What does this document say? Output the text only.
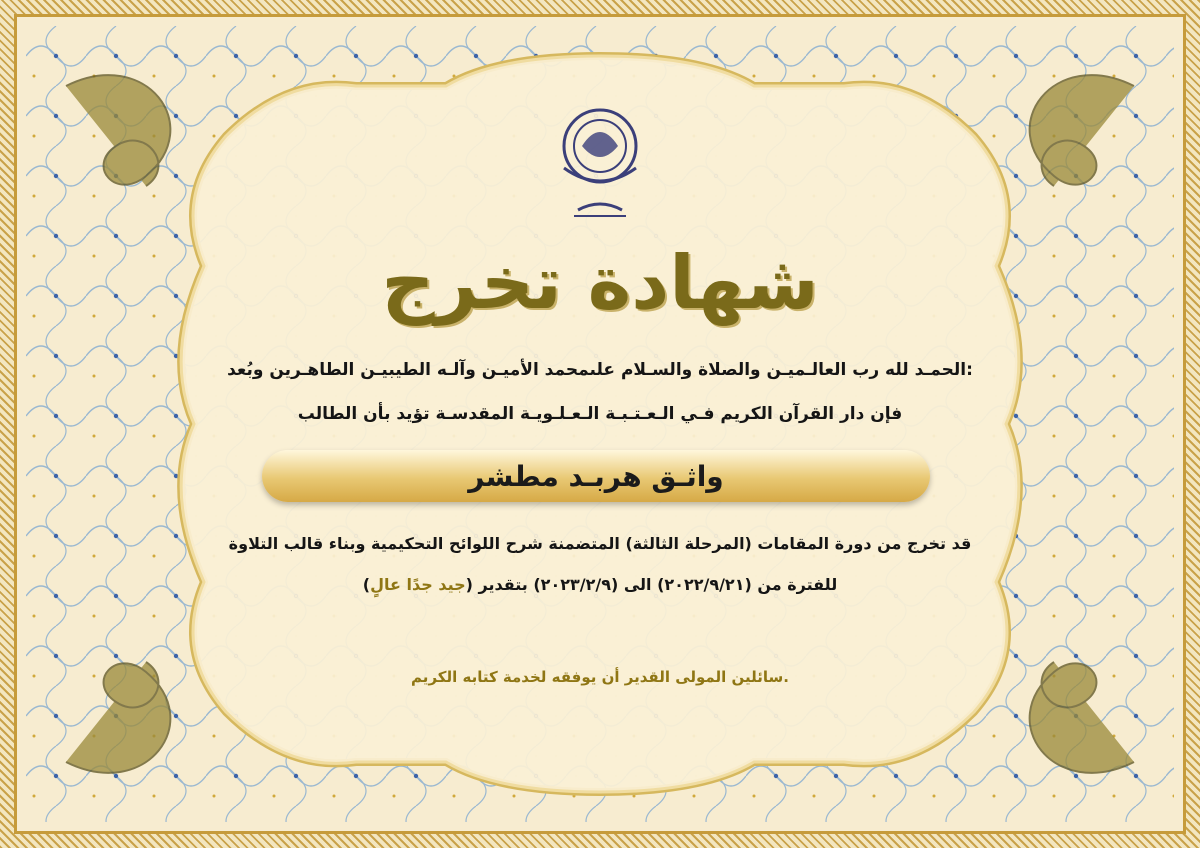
شهادة تخرج
الحمـد لله رب العالـميـن والصلاة والسـلام علىمحمد الأميـن وآلـه الطيبيـن الطاهـرين وبُعد:
فإن دار القرآن الكريم فـي الـعـتـبـة الـعـلـويـة المقدسـة تؤيد بأن الطالب
واثـق هربـد مطشر
قد تخرج من دورة المقامات (المرحلة الثالثة) المتضمنة شرح اللوائح التحكيمية وبناء قالب التلاوة
للفترة من (٢٠٢٢/٩/٢١) الى (٢٠٢٣/٢/٩) بتقدير (جيد جدًا عالٍ)
سائلين المولى القدير أن يوفقه لخدمة كتابه الكريم.
